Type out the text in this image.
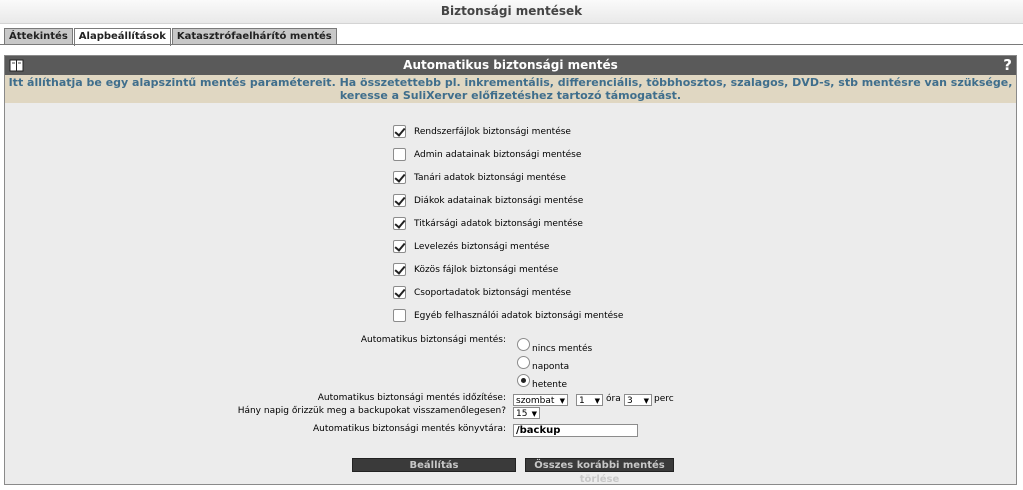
Biztonsági mentések
Áttekintés	Alapbeállítások	Katasztrófaelhárító mentés
Automatikus biztonsági mentés	?
Itt állíthatja be egy alapszintű mentés paramétereit. Ha összetettebb pl. inkrementális, differenciális, többhosztos, szalagos, DVD-s, stb mentésre van szüksége, keresse a SuliXerver előfizetéshez tartozó támogatást.
Rendszerfájlok biztonsági mentése
Admin adatainak biztonsági mentése
Tanári adatok biztonsági mentése
Diákok adatainak biztonsági mentése
Titkársági adatok biztonsági mentése
Levelezés biztonsági mentése
Közös fájlok biztonsági mentése
Csoportadatok biztonsági mentése
Egyéb felhasználói adatok biztonsági mentése
Automatikus biztonsági mentés:
nincs mentés
naponta
hetente
Automatikus biztonsági mentés időzítése:	szombat ▼	1 ▼ óra 3 ▼ perc
Hány napig őrizzük meg a backupokat visszamenőlegesen?	15 ▼
Automatikus biztonsági mentés könyvtára:
/backup
Beállítás	Összes korábbi mentés törlése
